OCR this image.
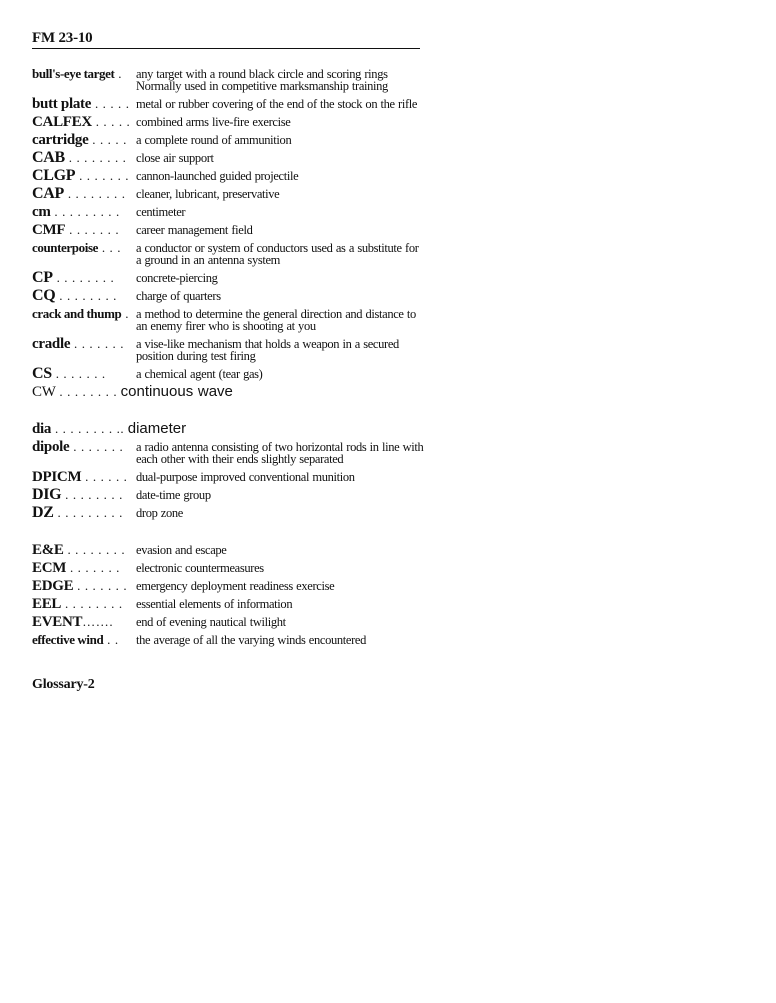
FM 23-10
bull's-eye target .	any target with a round black circle and scoring rings Normally used in competitive marksmanship training
butt plate . . . . . metal or rubber covering of the end of the stock on the rifle
CALFEX . . . . . combined arms live-fire exercise
cartridge . . . . . a complete round of ammunition
CAB . . . . . . . . close air support
CLGP . . . . . . . cannon-launched guided projectile
CAP . . . . . . . . cleaner, lubricant, preservative
cm . . . . . . . . .	centimeter
CMF . . . . . . .	career management field
counterpoise . . .	a conductor or system of conductors used as a substitute for a ground in an antenna system
CP . . . . . . . .	concrete-piercing
CQ . . . . . . . .	charge of quarters
crack and thump . a method to determine the general direction and distance to an enemy firer who is shooting at you
cradle . . . . . . . a vise-like mechanism that holds a weapon in a secured position during test firing
CS . . . . . . .	a chemical agent (tear gas)
CW . . . . . . . . continuous wave
dia . . . . . . . . .. diameter
dipole . . . . . . .	a radio antenna consisting of two horizontal rods in line with each other with their ends slightly separated
DPICM . . . . . . dual-purpose improved conventional munition
DIG . . . . . . . .	date-time group
DZ . . . . . . . . .	drop zone
E&E . . . . . . . . evasion and escape
ECM . . . . . . .	electronic countermeasures
EDGE . . . . . . . emergency deployment readiness exercise
EEL . . . . . . . .	essential elements of information
EVENT…….	end of evening nautical twilight
effective wind . .	the average of all the varying winds encountered
Glossary-2
